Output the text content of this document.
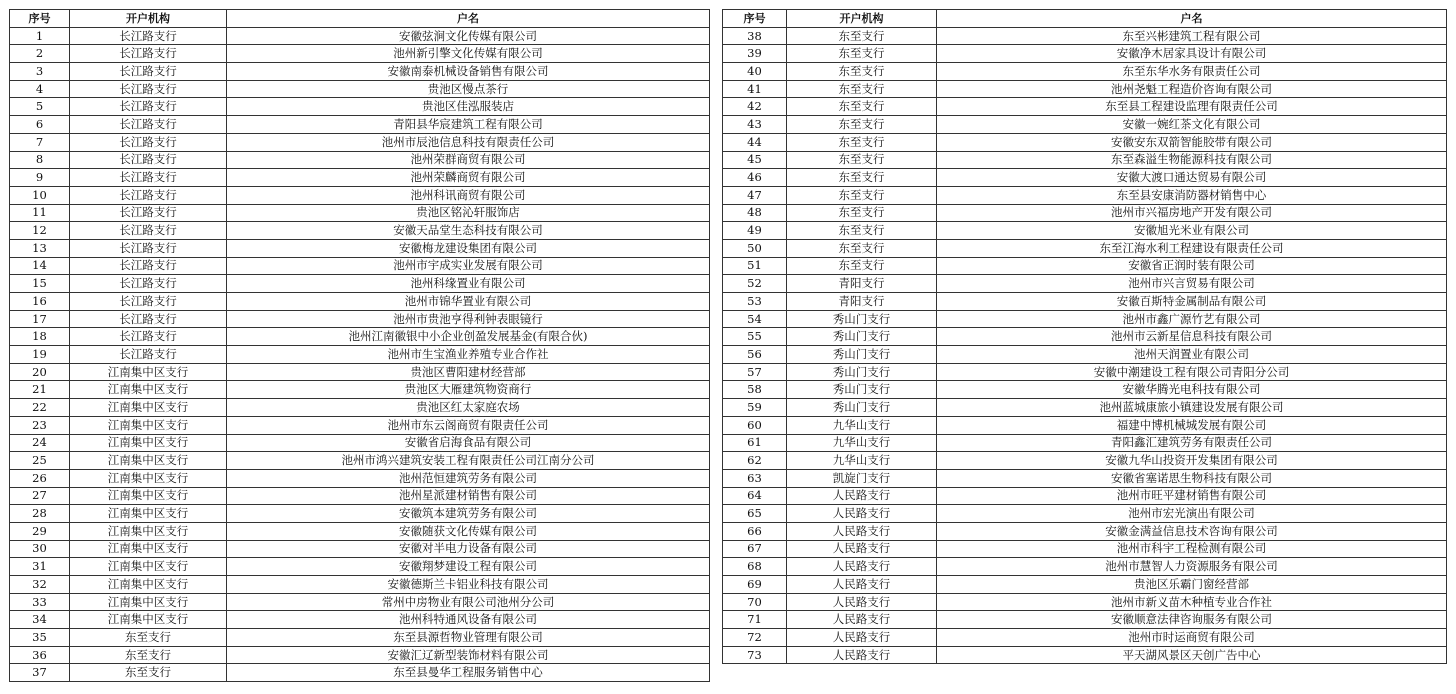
序号	开户机构	户名
1	长江路支行	安徽弦涧文化传媒有限公司
2	长江路支行	池州新引擎文化传媒有限公司
3	长江路支行	安徽南泰机械设备销售有限公司
4	长江路支行	贵池区慢点茶行
5	长江路支行	贵池区佳泓服装店
6	长江路支行	青阳县华宸建筑工程有限公司
7	长江路支行	池州市辰池信息科技有限责任公司
8	长江路支行	池州荣群商贸有限公司
9	长江路支行	池州荣麟商贸有限公司
10	长江路支行	池州科讯商贸有限公司
11	长江路支行	贵池区铭沁轩服饰店
12	长江路支行	安徽天品堂生态科技有限公司
13	长江路支行	安徽梅龙建设集团有限公司
14	长江路支行	池州市宇成实业发展有限公司
15	长江路支行	池州科缘置业有限公司
16	长江路支行	池州市锦华置业有限公司
17	长江路支行	池州市贵池亨得利钟表眼镜行
18	长江路支行	池州江南徽银中小企业创盈发展基金(有限合伙)
19	长江路支行	池州市生宝渔业养殖专业合作社
20	江南集中区支行	贵池区曹阳建材经营部
21	江南集中区支行	贵池区大雁建筑物资商行
22	江南集中区支行	贵池区红太家庭农场
23	江南集中区支行	池州市东云阁商贸有限责任公司
24	江南集中区支行	安徽省启海食品有限公司
25	江南集中区支行	池州市鸿兴建筑安装工程有限责任公司江南分公司
26	江南集中区支行	池州范恒建筑劳务有限公司
27	江南集中区支行	池州星派建材销售有限公司
28	江南集中区支行	安徽筑本建筑劳务有限公司
29	江南集中区支行	安徽随获文化传媒有限公司
30	江南集中区支行	安徽对半电力设备有限公司
31	江南集中区支行	安徽翔梦建设工程有限公司
32	江南集中区支行	安徽德斯兰卡铝业科技有限公司
33	江南集中区支行	常州中房物业有限公司池州分公司
34	江南集中区支行	池州科特通风设备有限公司
35	东至支行	东至县源哲物业管理有限公司
36	东至支行	安徽汇辽新型装饰材料有限公司
37	东至支行	东至县曼华工程服务销售中心
序号	开户机构	户名
38	东至支行	东至兴彬建筑工程有限公司
39	东至支行	安徽净木居家具设计有限公司
40	东至支行	东至东华水务有限责任公司
41	东至支行	池州尧魁工程造价咨询有限公司
42	东至支行	东至县工程建设监理有限责任公司
43	东至支行	安徽一婉红茶文化有限公司
44	东至支行	安徽安东双箭智能胶带有限公司
45	东至支行	东至森溢生物能源科技有限公司
46	东至支行	安徽大渡口通达贸易有限公司
47	东至支行	东至县安康消防器材销售中心
48	东至支行	池州市兴福房地产开发有限公司
49	东至支行	安徽旭光米业有限公司
50	东至支行	东至江海水利工程建设有限责任公司
51	东至支行	安徽省正润时装有限公司
52	青阳支行	池州市兴言贸易有限公司
53	青阳支行	安徽百斯特金属制品有限公司
54	秀山门支行	池州市鑫广源竹艺有限公司
55	秀山门支行	池州市云新星信息科技有限公司
56	秀山门支行	池州天润置业有限公司
57	秀山门支行	安徽中潮建设工程有限公司青阳分公司
58	秀山门支行	安徽华腾光电科技有限公司
59	秀山门支行	池州蓝城康旅小镇建设发展有限公司
60	九华山支行	福建中博机械城发展有限公司
61	九华山支行	青阳鑫汇建筑劳务有限责任公司
62	九华山支行	安徽九华山投资开发集团有限公司
63	凯旋门支行	安徽省塞诺思生物科技有限公司
64	人民路支行	池州市旺平建材销售有限公司
65	人民路支行	池州市宏光演出有限公司
66	人民路支行	安徽金满益信息技术咨询有限公司
67	人民路支行	池州市科宇工程检测有限公司
68	人民路支行	池州市慧智人力资源服务有限公司
69	人民路支行	贵池区乐霸门窗经营部
70	人民路支行	池州市新义苗木种植专业合作社
71	人民路支行	安徽顺意法律咨询服务有限公司
72	人民路支行	池州市时运商贸有限公司
73	人民路支行	平天湖风景区天创广告中心
